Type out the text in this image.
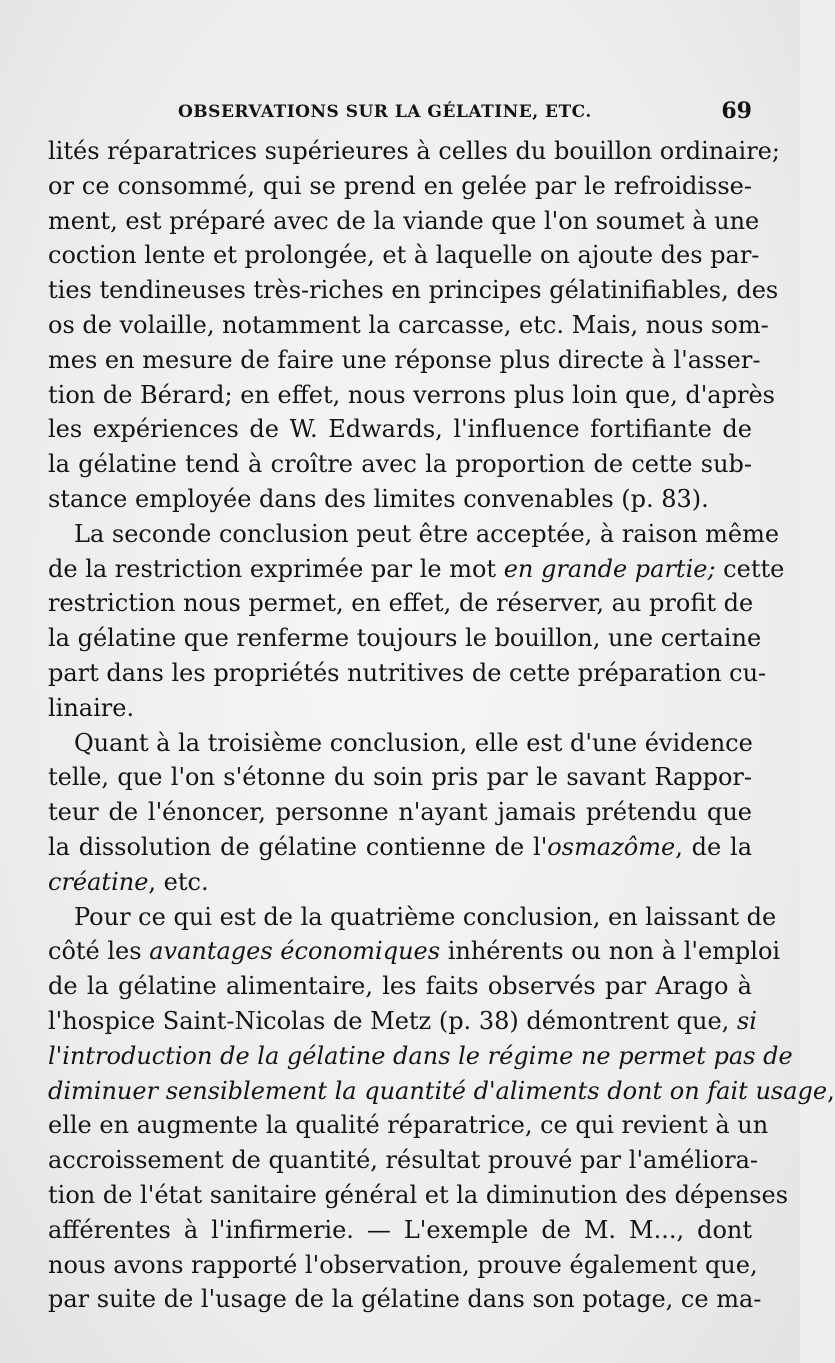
OBSERVATIONS SUR LA GÉLATINE, ETC.	69
lités réparatrices supérieures à celles du bouillon ordinaire;
or ce consommé, qui se prend en gelée par le refroidisse-
ment, est préparé avec de la viande que l'on soumet à une
coction lente et prolongée, et à laquelle on ajoute des par-
ties tendineuses très-riches en principes gélatinifiables, des
os de volaille, notamment la carcasse, etc. Mais, nous som-
mes en mesure de faire une réponse plus directe à l'asser-
tion de Bérard; en effet, nous verrons plus loin que, d'après
les expériences de W. Edwards, l'influence fortifiante de
la gélatine tend à croître avec la proportion de cette sub-
stance employée dans des limites convenables (p. 83).
La seconde conclusion peut être acceptée, à raison même
de la restriction exprimée par le mot en grande partie; cette
restriction nous permet, en effet, de réserver, au profit de
la gélatine que renferme toujours le bouillon, une certaine
part dans les propriétés nutritives de cette préparation cu-
linaire.
Quant à la troisième conclusion, elle est d'une évidence
telle, que l'on s'étonne du soin pris par le savant Rappor-
teur de l'énoncer, personne n'ayant jamais prétendu que
la dissolution de gélatine contienne de l'osmazôme, de la
créatine, etc.
Pour ce qui est de la quatrième conclusion, en laissant de
côté les avantages économiques inhérents ou non à l'emploi
de la gélatine alimentaire, les faits observés par Arago à
l'hospice Saint-Nicolas de Metz (p. 38) démontrent que, si
l'introduction de la gélatine dans le régime ne permet pas de
diminuer sensiblement la quantité d'aliments dont on fait usage,
elle en augmente la qualité réparatrice, ce qui revient à un
accroissement de quantité, résultat prouvé par l'améliora-
tion de l'état sanitaire général et la diminution des dépenses
afférentes à l'infirmerie. — L'exemple de M. M..., dont
nous avons rapporté l'observation, prouve également que,
par suite de l'usage de la gélatine dans son potage, ce ma-
